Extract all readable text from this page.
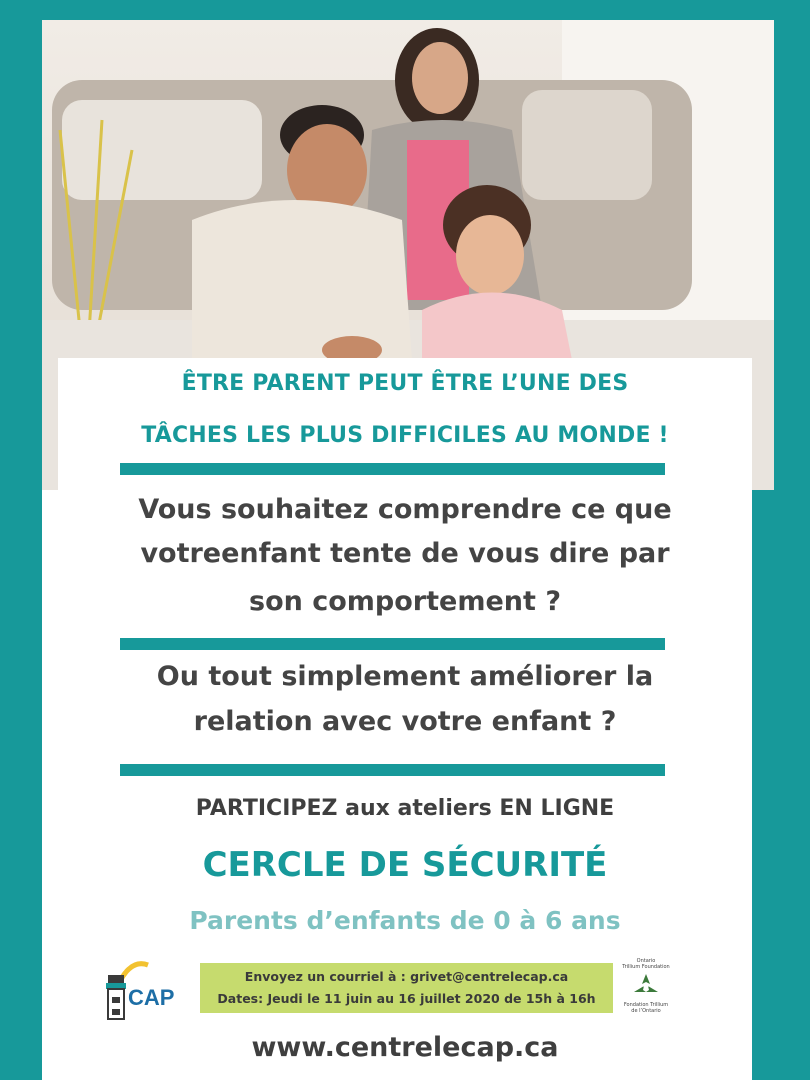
ÊTRE PARENT PEUT ÊTRE L’UNE DES
TÂCHES LES PLUS DIFFICILES AU MONDE !
Vous souhaitez comprendre ce que
votreenfant tente de vous dire par
son comportement ?
Ou tout simplement améliorer la
relation avec votre enfant ?
PARTICIPEZ aux ateliers EN LIGNE
CERCLE DE SÉCURITÉ
Parents d’enfants de 0 à 6 ans
CAP
Envoyez un courriel à : grivet@centrelecap.ca
Dates: Jeudi le 11 juin au 16 juillet 2020 de 15h à 16h
Ontario
Trillium Foundation
Fondation Trillium
de l’Ontario
www.centrelecap.ca
